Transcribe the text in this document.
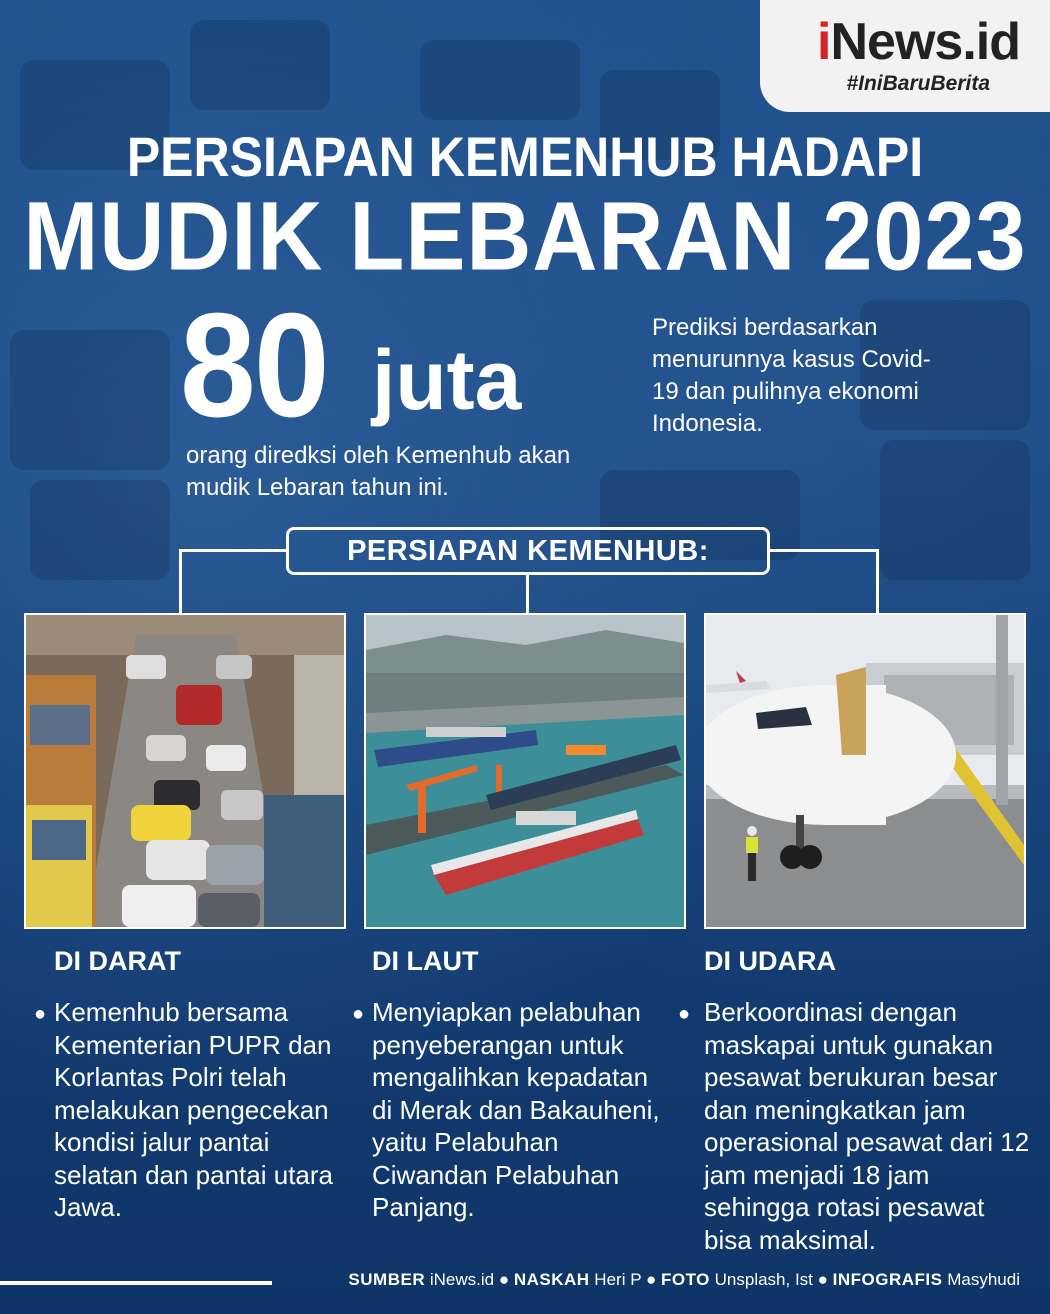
iNews.id
#IniBaruBerita
PERSIAPAN KEMENHUB HADAPI
MUDIK LEBARAN 2023
80 juta
orang diredksi oleh Kemenhub akan mudik Lebaran tahun ini.
Prediksi berdasarkan menurunnya kasus Covid-19 dan pulihnya ekonomi Indonesia.
PERSIAPAN KEMENHUB:
DI DARAT
● Kemenhub bersama Kementerian PUPR dan Korlantas Polri telah melakukan pengecekan kondisi jalur pantai selatan dan pantai utara Jawa.
DI LAUT
● Menyiapkan pelabuhan penyeberangan untuk mengalihkan kepadatan di Merak dan Bakauheni, yaitu Pelabuhan Ciwandan Pelabuhan Panjang.
DI UDARA
● Berkoordinasi dengan maskapai untuk gunakan pesawat berukuran besar dan meningkatkan jam operasional pesawat dari 12 jam menjadi 18 jam sehingga rotasi pesawat bisa maksimal.
SUMBER iNews.id ● NASKAH Heri P ● FOTO Unsplash, Ist ● INFOGRAFIS Masyhudi
